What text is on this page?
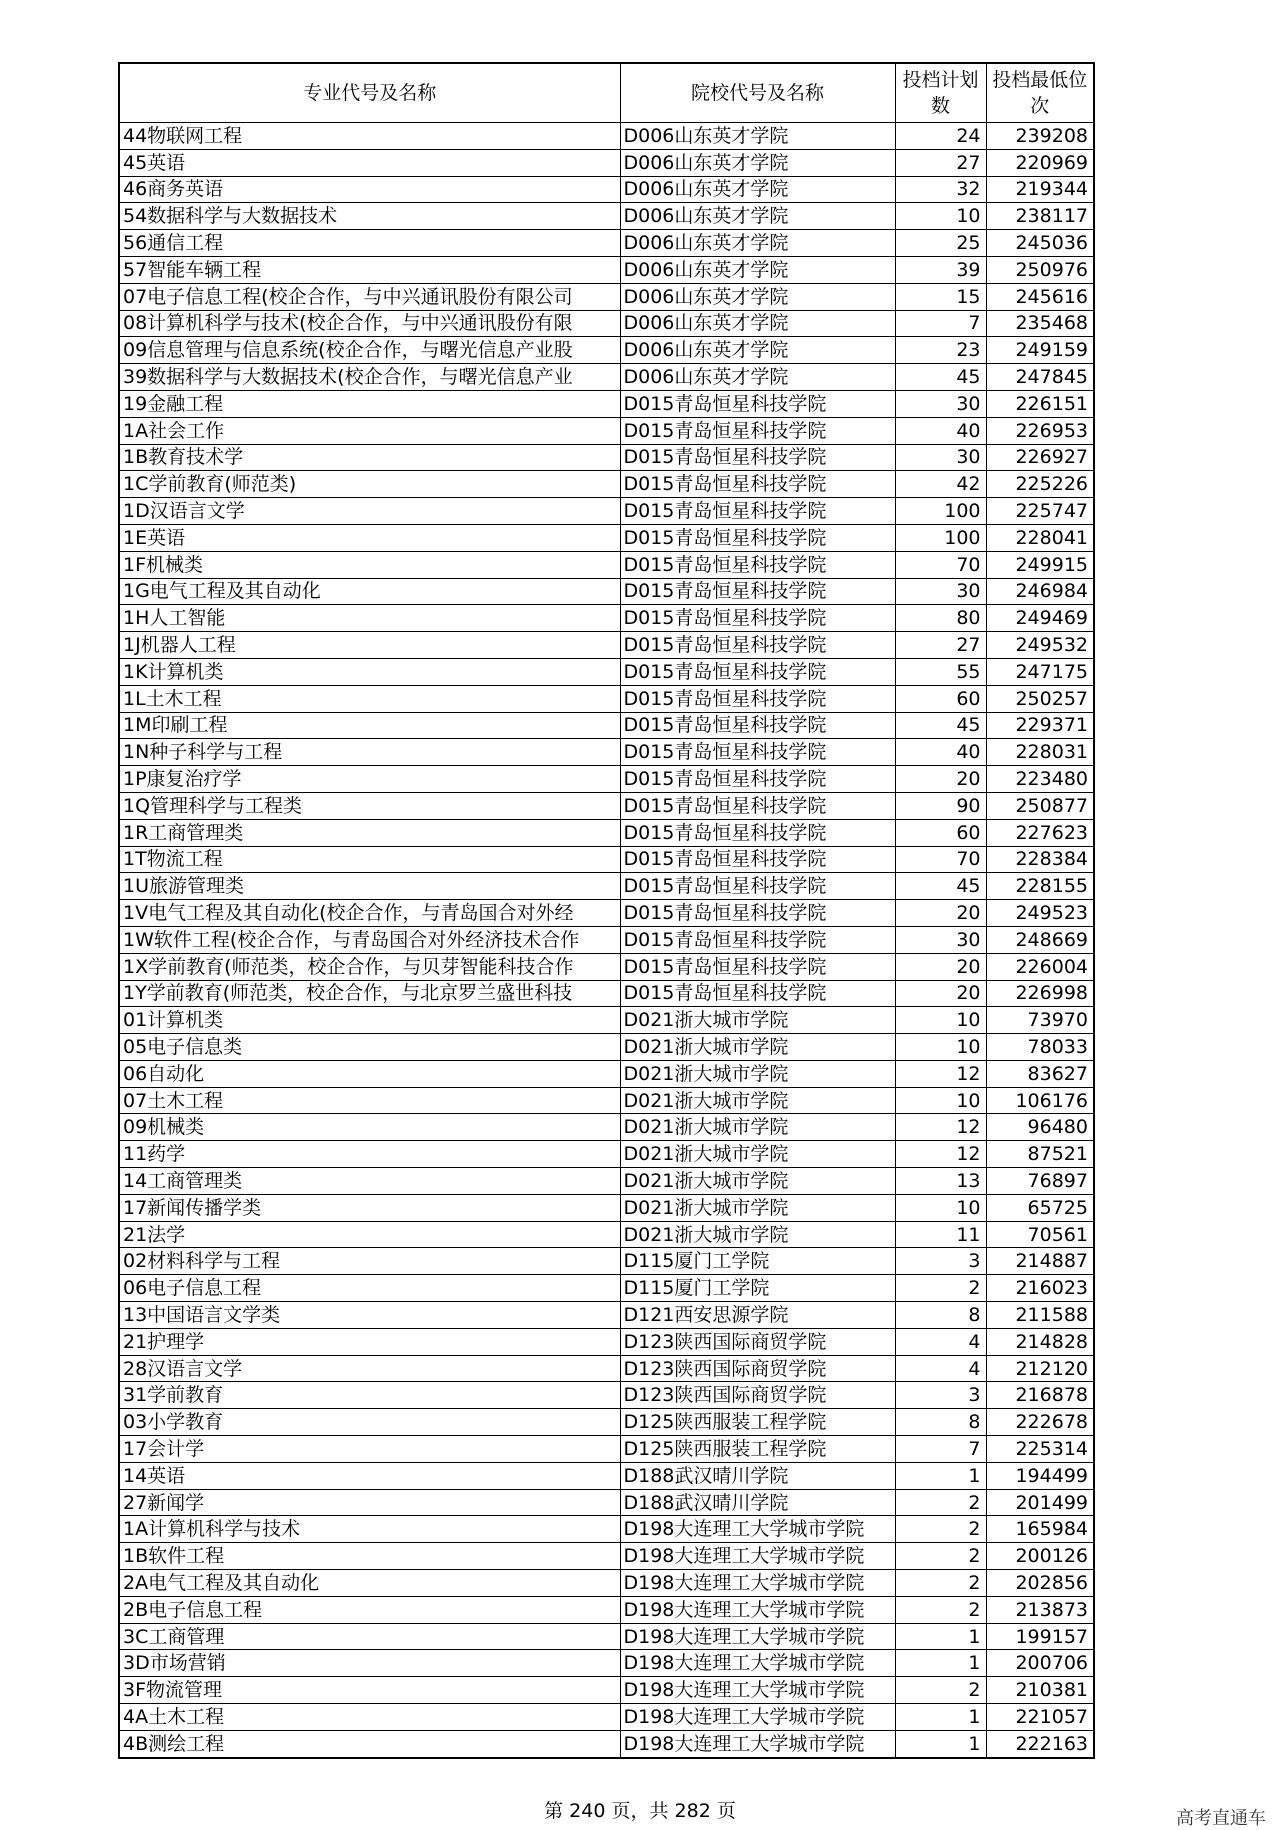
专业代号及名称	院校代号及名称	投档计划数	投档最低位次
44物联网工程	D006山东英才学院	24	239208
45英语	D006山东英才学院	27	220969
46商务英语	D006山东英才学院	32	219344
54数据科学与大数据技术	D006山东英才学院	10	238117
56通信工程	D006山东英才学院	25	245036
57智能车辆工程	D006山东英才学院	39	250976
07电子信息工程(校企合作，与中兴通讯股份有限公司	D006山东英才学院	15	245616
08计算机科学与技术(校企合作，与中兴通讯股份有限	D006山东英才学院	7	235468
09信息管理与信息系统(校企合作，与曙光信息产业股	D006山东英才学院	23	249159
39数据科学与大数据技术(校企合作，与曙光信息产业	D006山东英才学院	45	247845
19金融工程	D015青岛恒星科技学院	30	226151
1A社会工作	D015青岛恒星科技学院	40	226953
1B教育技术学	D015青岛恒星科技学院	30	226927
1C学前教育(师范类)	D015青岛恒星科技学院	42	225226
1D汉语言文学	D015青岛恒星科技学院	100	225747
1E英语	D015青岛恒星科技学院	100	228041
1F机械类	D015青岛恒星科技学院	70	249915
1G电气工程及其自动化	D015青岛恒星科技学院	30	246984
1H人工智能	D015青岛恒星科技学院	80	249469
1J机器人工程	D015青岛恒星科技学院	27	249532
1K计算机类	D015青岛恒星科技学院	55	247175
1L土木工程	D015青岛恒星科技学院	60	250257
1M印刷工程	D015青岛恒星科技学院	45	229371
1N种子科学与工程	D015青岛恒星科技学院	40	228031
1P康复治疗学	D015青岛恒星科技学院	20	223480
1Q管理科学与工程类	D015青岛恒星科技学院	90	250877
1R工商管理类	D015青岛恒星科技学院	60	227623
1T物流工程	D015青岛恒星科技学院	70	228384
1U旅游管理类	D015青岛恒星科技学院	45	228155
1V电气工程及其自动化(校企合作，与青岛国合对外经	D015青岛恒星科技学院	20	249523
1W软件工程(校企合作，与青岛国合对外经济技术合作	D015青岛恒星科技学院	30	248669
1X学前教育(师范类，校企合作，与贝芽智能科技合作	D015青岛恒星科技学院	20	226004
1Y学前教育(师范类，校企合作，与北京罗兰盛世科技	D015青岛恒星科技学院	20	226998
01计算机类	D021浙大城市学院	10	73970
05电子信息类	D021浙大城市学院	10	78033
06自动化	D021浙大城市学院	12	83627
07土木工程	D021浙大城市学院	10	106176
09机械类	D021浙大城市学院	12	96480
11药学	D021浙大城市学院	12	87521
14工商管理类	D021浙大城市学院	13	76897
17新闻传播学类	D021浙大城市学院	10	65725
21法学	D021浙大城市学院	11	70561
02材料科学与工程	D115厦门工学院	3	214887
06电子信息工程	D115厦门工学院	2	216023
13中国语言文学类	D121西安思源学院	8	211588
21护理学	D123陕西国际商贸学院	4	214828
28汉语言文学	D123陕西国际商贸学院	4	212120
31学前教育	D123陕西国际商贸学院	3	216878
03小学教育	D125陕西服装工程学院	8	222678
17会计学	D125陕西服装工程学院	7	225314
14英语	D188武汉晴川学院	1	194499
27新闻学	D188武汉晴川学院	2	201499
1A计算机科学与技术	D198大连理工大学城市学院	2	165984
1B软件工程	D198大连理工大学城市学院	2	200126
2A电气工程及其自动化	D198大连理工大学城市学院	2	202856
2B电子信息工程	D198大连理工大学城市学院	2	213873
3C工商管理	D198大连理工大学城市学院	1	199157
3D市场营销	D198大连理工大学城市学院	1	200706
3F物流管理	D198大连理工大学城市学院	2	210381
4A土木工程	D198大连理工大学城市学院	1	221057
4B测绘工程	D198大连理工大学城市学院	1	222163
第 240 页，共 282 页	高考直通车
